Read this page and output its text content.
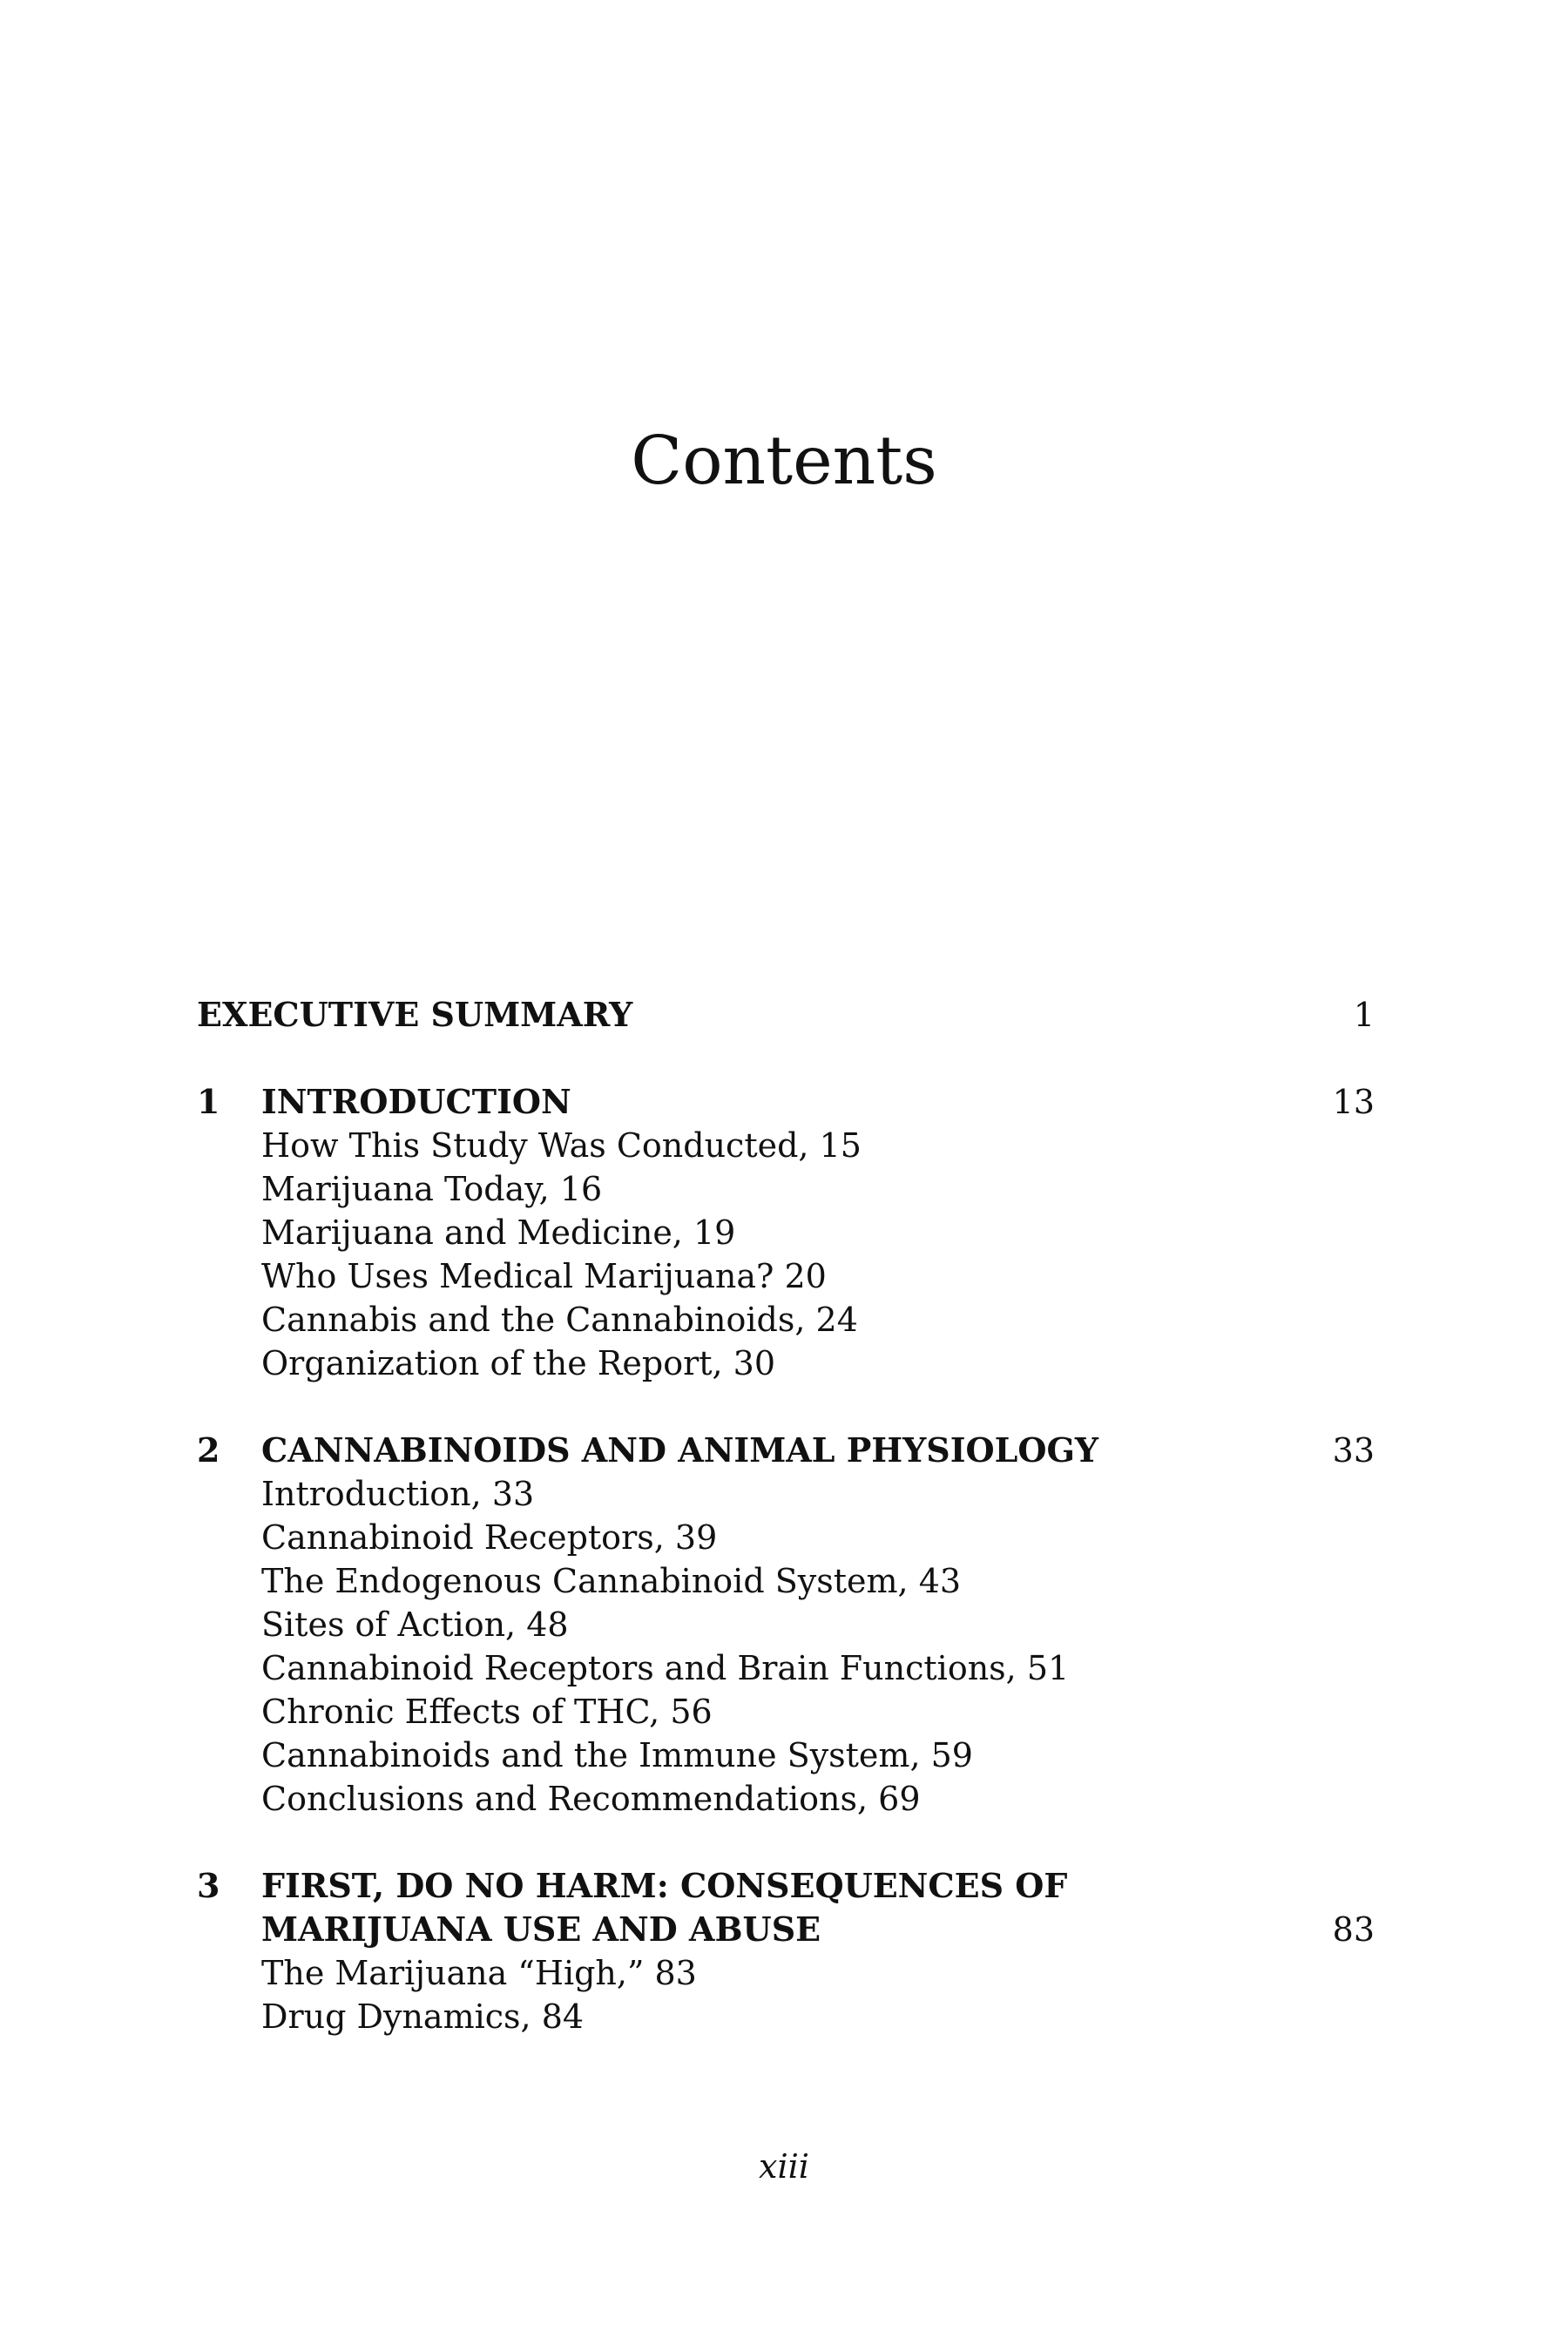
Contents
EXECUTIVE SUMMARY	1
1 INTRODUCTION	13
How This Study Was Conducted, 15
Marijuana Today, 16
Marijuana and Medicine, 19
Who Uses Medical Marijuana? 20
Cannabis and the Cannabinoids, 24
Organization of the Report, 30
2 CANNABINOIDS AND ANIMAL PHYSIOLOGY	33
Introduction, 33
Cannabinoid Receptors, 39
The Endogenous Cannabinoid System, 43
Sites of Action, 48
Cannabinoid Receptors and Brain Functions, 51
Chronic Effects of THC, 56
Cannabinoids and the Immune System, 59
Conclusions and Recommendations, 69
3 FIRST, DO NO HARM: CONSEQUENCES OF
MARIJUANA USE AND ABUSE	83
The Marijuana “High,” 83
Drug Dynamics, 84
xiii
